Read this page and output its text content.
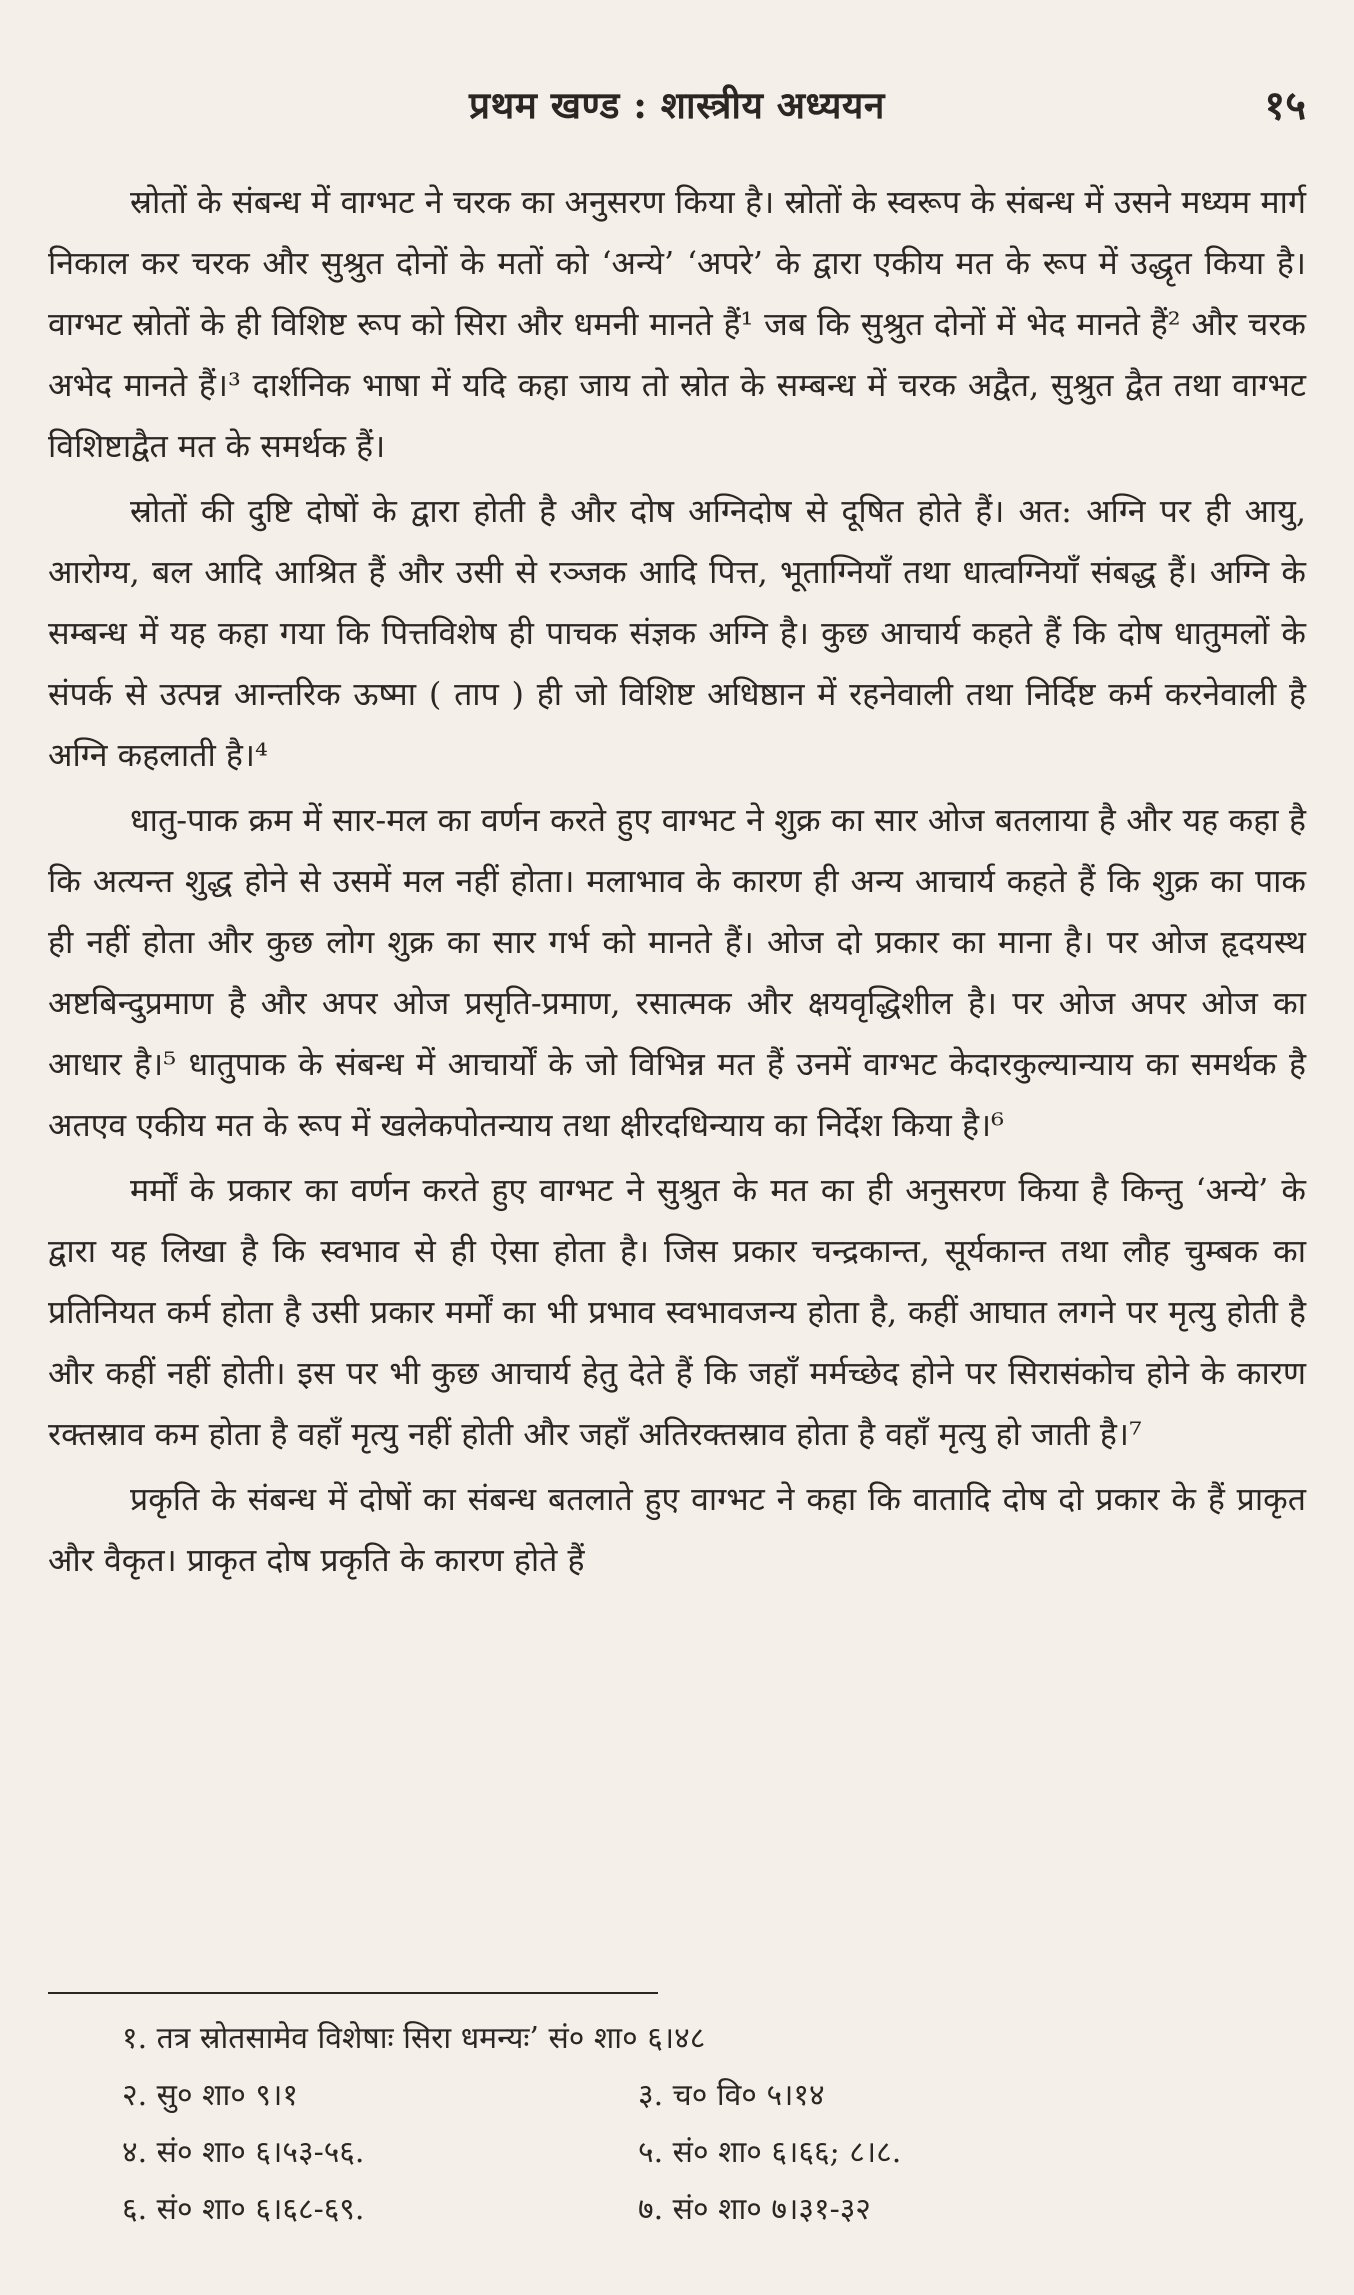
प्रथम खण्ड : शास्त्रीय अध्ययन	१५

स्रोतों के संबन्ध में वाग्भट ने चरक का अनुसरण किया है। स्रोतों के स्वरूप के संबन्ध में उसने मध्यम मार्ग निकाल कर चरक और सुश्रुत दोनों के मतों को ‘अन्ये’ ‘अपरे’ के द्वारा एकीय मत के रूप में उद्धृत किया है। वाग्भट स्रोतों के ही विशिष्ट रूप को सिरा और धमनी मानते हैं¹ जब कि सुश्रुत दोनों में भेद मानते हैं² और चरक अभेद मानते हैं।³ दार्शनिक भाषा में यदि कहा जाय तो स्रोत के सम्बन्ध में चरक अद्वैत, सुश्रुत द्वैत तथा वाग्भट विशिष्टाद्वैत मत के समर्थक हैं।

स्रोतों की दुष्टि दोषों के द्वारा होती है और दोष अग्निदोष से दूषित होते हैं। अत: अग्नि पर ही आयु, आरोग्य, बल आदि आश्रित हैं और उसी से रञ्जक आदि पित्त, भूताग्नियाँ तथा धात्वग्नियाँ संबद्ध हैं। अग्नि के सम्बन्ध में यह कहा गया कि पित्तविशेष ही पाचक संज्ञक अग्नि है। कुछ आचार्य कहते हैं कि दोष धातुमलों के संपर्क से उत्पन्न आन्तरिक ऊष्मा ( ताप ) ही जो विशिष्ट अधिष्ठान में रहनेवाली तथा निर्दिष्ट कर्म करनेवाली है अग्नि कहलाती है।⁴

धातु-पाक क्रम में सार-मल का वर्णन करते हुए वाग्भट ने शुक्र का सार ओज बतलाया है और यह कहा है कि अत्यन्त शुद्ध होने से उसमें मल नहीं होता। मलाभाव के कारण ही अन्य आचार्य कहते हैं कि शुक्र का पाक ही नहीं होता और कुछ लोग शुक्र का सार गर्भ को मानते हैं। ओज दो प्रकार का माना है। पर ओज हृदयस्थ अष्टबिन्दुप्रमाण है और अपर ओज प्रसृति-प्रमाण, रसात्मक और क्षयवृद्धिशील है। पर ओज अपर ओज का आधार है।⁵ धातुपाक के संबन्ध में आचार्यों के जो विभिन्न मत हैं उनमें वाग्भट केदारकुल्यान्याय का समर्थक है अतएव एकीय मत के रूप में खलेकपोतन्याय तथा क्षीरदधिन्याय का निर्देश किया है।⁶

मर्मों के प्रकार का वर्णन करते हुए वाग्भट ने सुश्रुत के मत का ही अनुसरण किया है किन्तु ‘अन्ये’ के द्वारा यह लिखा है कि स्वभाव से ही ऐसा होता है। जिस प्रकार चन्द्रकान्त, सूर्यकान्त तथा लौह चुम्बक का प्रतिनियत कर्म होता है उसी प्रकार मर्मों का भी प्रभाव स्वभावजन्य होता है, कहीं आघात लगने पर मृत्यु होती है और कहीं नहीं होती। इस पर भी कुछ आचार्य हेतु देते हैं कि जहाँ मर्मच्छेद होने पर सिरासंकोच होने के कारण रक्तस्राव कम होता है वहाँ मृत्यु नहीं होती और जहाँ अतिरक्तस्राव होता है वहाँ मृत्यु हो जाती है।⁷

प्रकृति के संबन्ध में दोषों का संबन्ध बतलाते हुए वाग्भट ने कहा कि वातादि दोष दो प्रकार के हैं प्राकृत और वैकृत। प्राकृत दोष प्रकृति के कारण होते हैं

१. तत्र स्रोतसामेव विशेषाः सिरा धमन्यः’ सं० शा० ६।४८
२. सु० शा० ९।१	३. च० वि० ५।१४
४. सं० शा० ६।५३-५६.	५. सं० शा० ६।६६; ८।८.
६. सं० शा० ६।६८-६९.	७. सं० शा० ७।३१-३२
